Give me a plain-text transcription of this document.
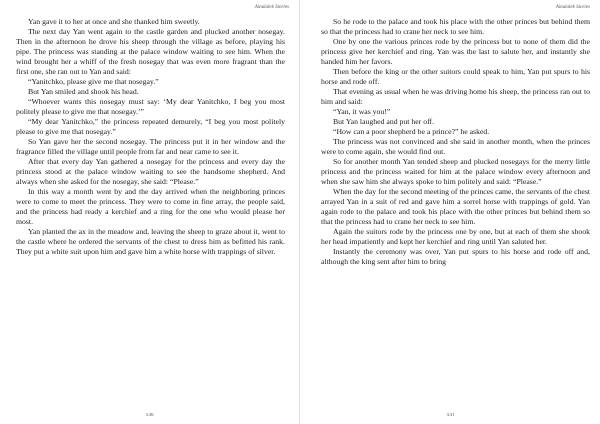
Ainulalek Stories

Yan gave it to her at once and she thanked him sweetly.

The next day Yan went again to the castle garden and plucked another nosegay. Then in the afternoon he drove his sheep through the village as before, playing his pipe. The princess was standing at the palace window waiting to see him. When the wind brought her a whiff of the fresh nosegay that was even more fragrant than the first one, she ran out to Yan and said:

“Yanitchko, please give me that nosegay.”

But Yan smiled and shook his head.

“Whoever wants this nosegay must say: ‘My dear Yanitchko, I beg you most politely please to give me that nosegay.’”

“My dear Yanitchko,” the princess repeated demurely, “I beg you most politely please to give me that nosegay.”

So Yan gave her the second nosegay. The princess put it in her window and the fragrance filled the village until people from far and near came to see it.

After that every day Yan gathered a nosegay for the princess and every day the princess stood at the palace window waiting to see the handsome shepherd. And always when she asked for the nosegay, she said: “Please.”

In this way a month went by and the day arrived when the neighboring princes were to come to meet the princess. They were to come in fine array, the people said, and the princess had ready a kerchief and a ring for the one who would please her most.

Yan planted the ax in the meadow and, leaving the sheep to graze about it, went to the castle where he ordered the servants of the chest to dress him as befitted his rank. They put a white suit upon him and gave him a white horse with trappings of silver.

3.36
Ainulalek Stories

So he rode to the palace and took his place with the other princes but behind them so that the princess had to crane her neck to see him.

One by one the various princes rode by the princess but to none of them did the princess give her kerchief and ring. Yan was the last to salute her, and instantly she handed him her favors.

Then before the king or the other suitors could speak to him, Yan put spurs to his horse and rode off.

That evening as usual when he was driving home his sheep, the princess ran out to him and said:

“Yan, it was you!”

But Yan laughed and put her off.

“How can a poor shepherd be a prince?” he asked.

The princess was not convinced and she said in another month, when the princes were to come again, she would find out.

So for another month Yan tended sheep and plucked nosegays for the merry little princess and the princess waited for him at the palace window every afternoon and when she saw him she always spoke to him politely and said: “Please.”

When the day for the second meeting of the princes came, the servants of the chest arrayed Yan in a suit of red and gave him a sorrel horse with trappings of gold. Yan again rode to the palace and took his place with the other princes but behind them so that the princess had to crane her neck to see him.

Again the suitors rode by the princess one by one, but at each of them she shook her head impatiently and kept her kerchief and ring until Yan saluted her.

Instantly the ceremony was over, Yan put spurs to his horse and rode off and, although the king sent after him to bring

3.31
